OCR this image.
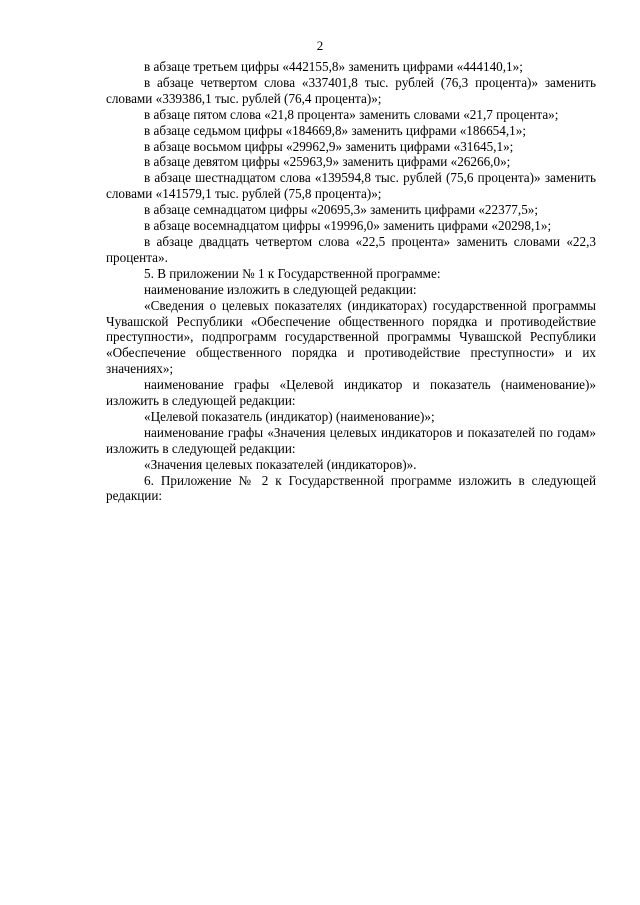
2

в абзаце третьем цифры «442155,8» заменить цифрами «444140,1»;

в абзаце четвертом слова «337401,8 тыс. рублей (76,3 процента)» заменить словами «339386,1 тыс. рублей (76,4 процента)»;

в абзаце пятом слова «21,8 процента» заменить словами «21,7 процента»;

в абзаце седьмом цифры «184669,8» заменить цифрами «186654,1»;

в абзаце восьмом цифры «29962,9» заменить цифрами «31645,1»;

в абзаце девятом цифры «25963,9» заменить цифрами «26266,0»;

в абзаце шестнадцатом слова «139594,8 тыс. рублей (75,6 процента)» заменить словами «141579,1 тыс. рублей (75,8 процента)»;

в абзаце семнадцатом цифры «20695,3» заменить цифрами «22377,5»;

в абзаце восемнадцатом цифры «19996,0» заменить цифрами «20298,1»;

в абзаце двадцать четвертом слова «22,5 процента» заменить словами «22,3 процента».

5. В приложении № 1 к Государственной программе:

наименование изложить в следующей редакции:

«Сведения о целевых показателях (индикаторах) государственной программы Чувашской Республики «Обеспечение общественного порядка и противодействие преступности», подпрограмм государственной программы Чувашской Республики «Обеспечение общественного порядка и противодействие преступности» и их значениях»;

наименование графы «Целевой индикатор и показатель (наименование)» изложить в следующей редакции:

«Целевой показатель (индикатор) (наименование)»;

наименование графы «Значения целевых индикаторов и показателей по годам» изложить в следующей редакции:

«Значения целевых показателей (индикаторов)».

6. Приложение № 2 к Государственной программе изложить в следующей редакции:
